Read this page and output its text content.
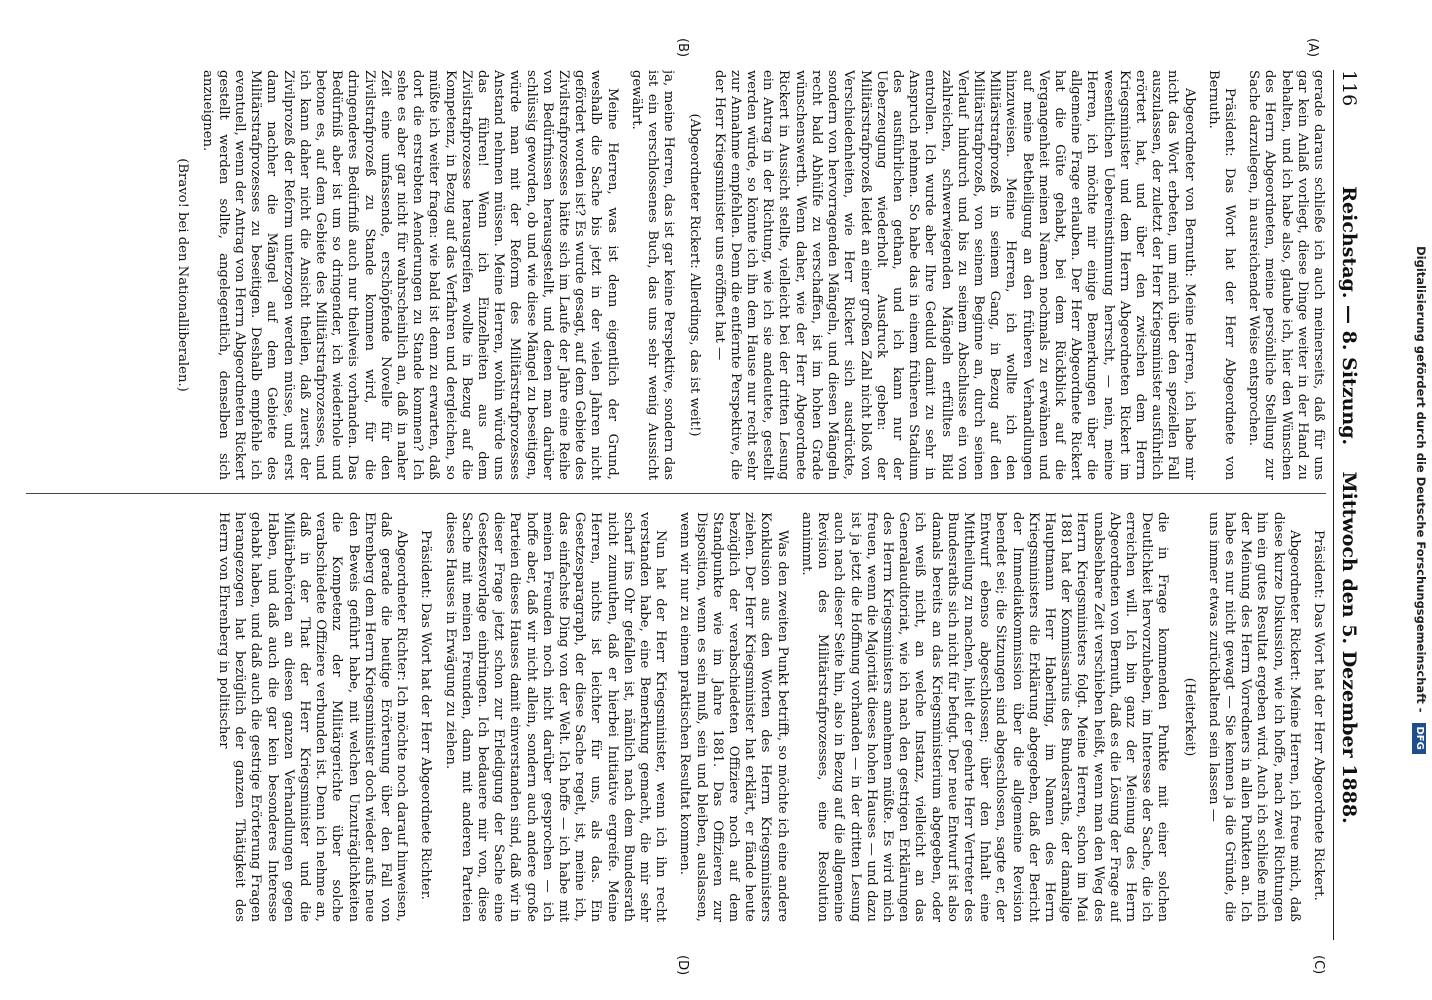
116
Reichstag. — 8. Sitzung.    Mittwoch den 5. Dezember 1888.
(A)
(B)
(C)
(D)

gerade daraus schließe ich auch meinerseits, daß für uns gar kein Anlaß vorliegt, diese Dinge weiter in der Hand zu behalten, und ich habe also, glaube ich, hier den Wünschen des Herrn Abgeordneten, meine persönliche Stellung zur Sache darzulegen, in ausreichender Weise entsprochen.

Präsident: Das Wort hat der Herr Abgeordnete von Bernuth.

Abgeordneter von Bernuth: Meine Herren, ich habe mir nicht das Wort erbeten, um mich über den speziellen Fall auszulassen, der zuletzt der Herr Kriegsminister ausführlich erörtert hat, und über den zwischen dem Herrn Kriegsminister und dem Herrn Abgeordneten Rickert im wesentlichen Uebereinstimmung herrscht, — nein, meine Herren, ich möchte mir einige Bemerkungen über die allgemeine Frage erlauben. Der Herr Abgeordnete Rickert hat die Güte gehabt, bei dem Rückblick auf die Vergangenheit meinen Namen nochmals zu erwähnen und auf meine Betheiligung an den früheren Verhandlungen hinzuweisen. Meine Herren, ich wollte ich den Militärstrafprozeß in seinem Gang, in Bezug auf den Militärstrafprozeß, von seinem Beginne an, durch seinen Verlauf hindurch und bis zu seinem Abschlusse ein von zahlreichen, schwerwiegenden Mängeln erfülltes Bild entrollen. Ich wurde aber Ihre Geduld damit zu sehr in Anspruch nehmen. So habe das in einem früheren Stadium des ausführlichen gethan, und ich kann nur der Ueberzeugung wiederholt Ausdruck geben: der Militärstrafprozeß leidet an einer großen Zahl nicht bloß von Verschiedenheiten, wie Herr Rickert sich ausdrückte, sondern von hervorragenden Mängeln, und diesen Mängeln recht bald Abhülfe zu verschaffen, ist im hohen Grade wünschenswerth. Wenn daher, wie der Herr Abgeordnete Rickert in Aussicht stellte, vielleicht bei der dritten Lesung ein Antrag in der Richtung, wie ich sie andeutete, gestellt werden würde, so könnte ich ihn dem Hause nur recht sehr zur Annahme empfehlen. Denn die entfernte Perspektive, die der Herr Kriegsminister uns eröffnet hat —

(Abgeordneter Rickert: Allerdings, das ist weit!)

ja, meine Herren, das ist gar keine Perspektive, sondern das ist ein verschlossenes Buch, das uns sehr wenig Aussicht gewährt.

Meine Herren, was ist denn eigentlich der Grund, weshalb die Sache bis jetzt in der vielen Jahren nicht gefördert worden ist? Es wurde gesagt, auf dem Gebiete des Zivilstrafprozesses hätte sich im Laufe der Jahre eine Reihe von Bedürfnissen herausgestellt, und denen man darüber schlüssig geworden, ob und wie diese Mängel zu beseitigen, würde man mit der Reform des Militärstrafprozesses Anstand nehmen müssen. Meine Herren, wohin würde uns das führen! Wenn ich Einzelheiten aus dem Zivilstrafprozesse herausgreifen wollte in Bezug auf die Kompetenz, in Bezug auf das Verfahren und dergleichen, so müßte ich weiter fragen: wie bald ist denn zu erwarten, daß dort die erstrebten Aenderungen zu Stande kommen? Ich sehe es aber gar nicht für wahrscheinlich an, daß in naher Zeit eine umfassende, erschöpfende Novelle für den Zivilstrafprozeß zu Stande kommen wird, für die dringenderes Bedürfniß auch nur theilweis vorhanden. Das Bedürfniß aber ist um so dringender, ich wiederhole und betone es, auf dem Gebiete des Militärstrafprozesses, und ich kann daher nicht die Ansicht theilen, daß zuerst der Zivilprozeß der Reform unterzogen werden müsse, und erst dann nachher die Mängel auf dem Gebiete des Militärstrafprozesses zu beseitigen. Deshalb empfehle ich eventuell, wenn der Antrag von Herrn Abgeordneten Rickert gestellt werden sollte, angelegentlich, denselben sich anzueignen.

(Bravo! bei den Nationalliberalen.)

Präsident: Das Wort hat der Herr Abgeordnete Rickert.

Abgeordneter Rickert: Meine Herren, ich freue mich, daß diese kurze Diskussion, wie ich hoffe, nach zwei Richtungen hin ein gutes Resultat ergeben wird. Auch ich schließe mich der Meinung des Herrn Vorredners in allen Punkten an. Ich habe es nur nicht gewagt — Sie kennen ja die Gründe, die uns immer etwas zurückhaltend sein lassen —

(Heiterkeit)

die in Frage kommenden Punkte mit einer solchen Deutlichkeit hervorzuheben, im Interesse der Sache, die ich erreichen will. Ich bin ganz der Meinung des Herrn Abgeordneten von Bernuth, daß es die Lösung der Frage auf unabsehbare Zeit verschieben heißt, wenn man den Weg des Herrn Kriegsministers folgt. Meine Herren, schon im Mai 1881 hat der Kommissarius des Bundesraths, der damalige Hauptmann Herr Haberling, im Namen des Herrn Kriegsministers die Erklärung abgegeben, daß der Bericht der Immediatkommission über die allgemeine Revision beendet sei; die Sitzungen sind abgeschlossen, sagte er, der Entwurf ebenso abgeschlossen; über den Inhalt eine Mittheilung zu machen, hielt der geehrte Herr Vertreter des Bundesraths sich nicht für befugt. Der neue Entwurf ist also damals bereits an das Kriegsministerium abgegeben, oder ich weiß nicht, an welche Instanz, vielleicht an das Generalauditoriat, wie ich nach den gestrigen Erklärungen des Herrn Kriegsministers annehmen müßte. Es wird mich freuen, wenn die Majorität dieses hohen Hauses — und dazu ist ja jetzt die Hoffnung vorhanden — in der dritten Lesung auch nach dieser Seite hin, also in Bezug auf die allgemeine Revision des Militärstrafprozesses, eine Resolution annimmt.

Was den zweiten Punkt betrifft, so möchte ich eine andere Konklusion aus den Worten des Herrn Kriegsministers ziehen. Der Herr Kriegsminister hat erklärt, er fände heute bezüglich der verabschiedeten Offiziere noch auf dem Standpunkte wie im Jahre 1881. Das Offizieren zur Disposition, wenn es sein muß, sein und bleiben, auslassen, wenn wir nur zu einem praktischen Resultat kommen.

Nun hat der Herr Kriegsminister, wenn ich ihn recht verstanden habe, eine Bemerkung gemacht, die mir sehr scharf ins Ohr gefallen ist, nämlich nach dem Bundesrath nicht zumuthen, daß er hierbei Initiative ergreife. Meine Herren, nichts ist leichter für uns, als das. Ein Gesetzesparagraph, der diese Sache regelt, ist, meine ich, das einfachste Ding von der Welt. Ich hoffe — ich habe mit meinen Freunden noch nicht darüber gesprochen — ich hoffe aber, daß wir nicht allein, sondern auch andere große Parteien dieses Hauses damit einverstanden sind, daß wir in dieser Frage jetzt schon zur Erledigung der Sache eine Gesetzesvorlage einbringen. Ich bedauere mir von, diese Sache mit meinen Freunden, dann mit anderen Parteien dieses Hauses in Erwägung zu ziehen.

Präsident: Das Wort hat der Herr Abgeordnete Richter.

Abgeordneter Richter: Ich möchte noch darauf hinweisen, daß gerade die heutige Erörterung über den Fall von Ehrenberg dem Herrn Kriegsminister doch wieder aufs neue den Beweis geführt habe, mit welchen Unzuträglichkeiten die Kompetenz der Militärgerichte über solche verabschiedete Offiziere verbunden ist. Denn ich nehme an, daß in der That der Herr Kriegsminister und die Militärbehörden an diesen ganzen Verhandlungen gegen Haben, und daß auch die gar kein besonderes Interesse gehabt haben, und daß auch die gestrige Erörterung Fragen herangezogen hat bezüglich der ganzen Thätigkeit des Herrn von Ehrenberg in politischer	Digitalisierung gefördert durch die Deutsche Forschungsgemeinschaft - DFG
